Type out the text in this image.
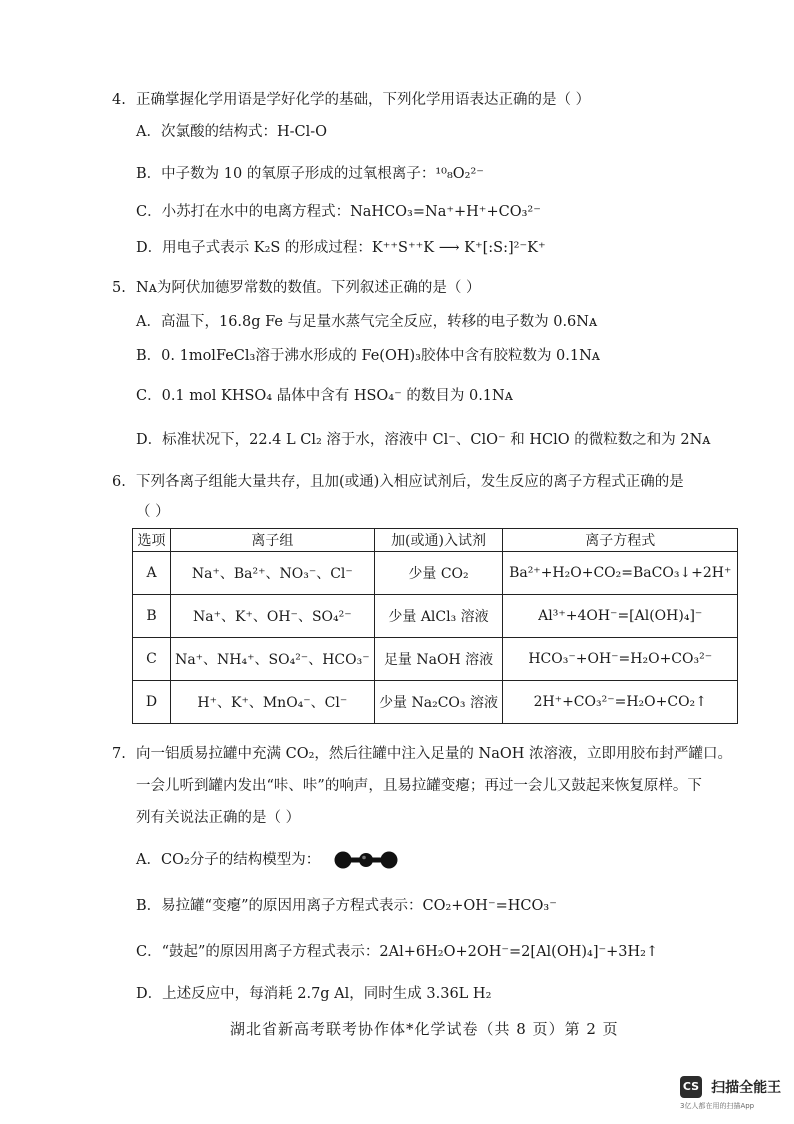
4. 正确掌握化学用语是学好化学的基础，下列化学用语表达正确的是（ ）
A．次氯酸的结构式：H-Cl-O
B．中子数为 10 的氧原子形成的过氧根离子：¹⁰₈O₂²⁻
C．小苏打在水中的电离方程式：NaHCO₃=Na⁺+H⁺+CO₃²⁻
D．用电子式表示 K₂S 的形成过程：K⁺⁺S⁺⁺K ⟶ K⁺[:S:]²⁻K⁺
5. Nᴀ为阿伏加德罗常数的数值。下列叙述正确的是（ ）
A．高温下，16.8g Fe 与足量水蒸气完全反应，转移的电子数为 0.6Nᴀ
B．0. 1molFeCl₃溶于沸水形成的 Fe(OH)₃胶体中含有胶粒数为 0.1Nᴀ
C．0.1 mol KHSO₄ 晶体中含有 HSO₄⁻ 的数目为 0.1Nᴀ
D．标准状况下，22.4 L Cl₂ 溶于水，溶液中 Cl⁻、ClO⁻ 和 HClO 的微粒数之和为 2Nᴀ
6. 下列各离子组能大量共存，且加(或通)入相应试剂后，发生反应的离子方程式正确的是
（ ）
选项	离子组	加(或通)入试剂	离子方程式
A	Na⁺、Ba²⁺、NO₃⁻、Cl⁻	少量 CO₂	Ba²⁺+H₂O+CO₂=BaCO₃↓+2H⁺
B	Na⁺、K⁺、OH⁻、SO₄²⁻	少量 AlCl₃ 溶液	Al³⁺+4OH⁻=[Al(OH)₄]⁻
C	Na⁺、NH₄⁺、SO₄²⁻、HCO₃⁻	足量 NaOH 溶液	HCO₃⁻+OH⁻=H₂O+CO₃²⁻
D	H⁺、K⁺、MnO₄⁻、Cl⁻	少量 Na₂CO₃ 溶液	2H⁺+CO₃²⁻=H₂O+CO₂↑
7. 向一铝质易拉罐中充满 CO₂，然后往罐中注入足量的 NaOH 浓溶液，立即用胶布封严罐口。
一会儿听到罐内发出“咔、咔”的响声，且易拉罐变瘪；再过一会儿又鼓起来恢复原样。下
列有关说法正确的是（ ）
A．CO₂分子的结构模型为：
B．易拉罐“变瘪”的原因用离子方程式表示：CO₂+OH⁻=HCO₃⁻
C．“鼓起”的原因用离子方程式表示：2Al+6H₂O+2OH⁻=2[Al(OH)₄]⁻+3H₂↑
D．上述反应中，每消耗 2.7g Al，同时生成 3.36L H₂
湖北省新高考联考协作体*化学试卷（共 8 页）第 2 页
CS 扫描全能王
3亿人都在用的扫描App
